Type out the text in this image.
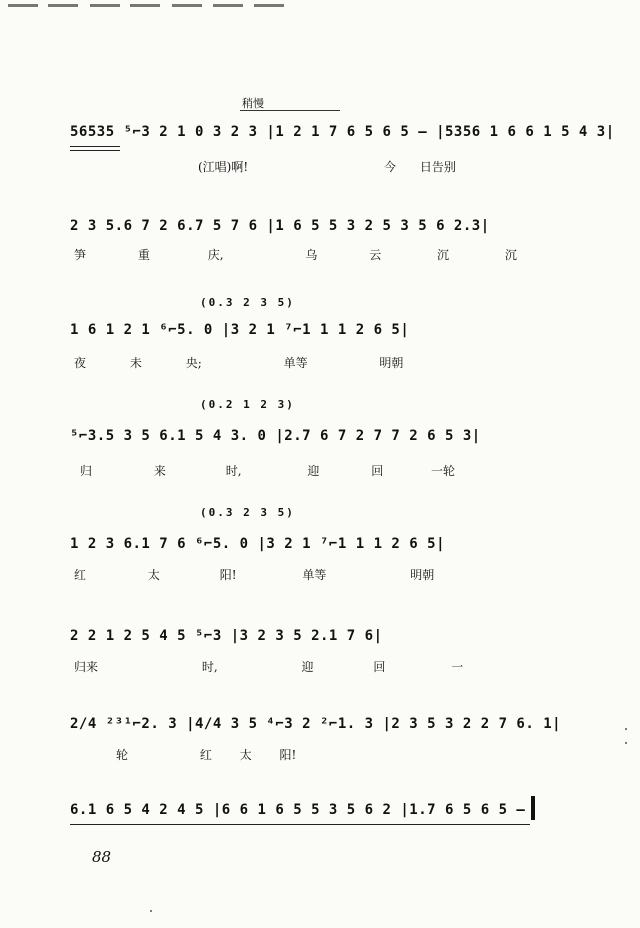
稍慢
56535 ⁵⌐3 2 1 0 3 2 3 |1 2 1 7 6 5 6 5 — |5356 1 6 6 1 5 4 3|
(江唱)啊!	今 日告别
2 3 5.6 7 2 6.7 5 7 6 |1 6 5 5 3 2 5 3 5 6 2.3|
笋	重	庆,	乌	云	沉	沉
(0.3 2 3 5)
1 6 1 2 1 ⁶⌐5. 0 |3 2 1 ⁷⌐1 1 1 2 6 5|
夜	未	央;	单等	明朝
(0.2 1 2 3)
⁵⌐3.5 3 5 6.1 5 4 3. 0 |2.7 6 7 2 7 7 2 6 5 3|
归	来	时,	迎	回	一轮
(0.3 2 3 5)
1 2 3 6.1 7 6 ⁶⌐5. 0 |3 2 1 ⁷⌐1 1 1 2 6 5|
红	太	阳!	单等	明朝
2 2 1 2 5 4 5 ⁵⌐3 |3 2 3 5 2.1 7 6|
归来	时,	迎	回	一
2/4 ²³¹⌐2. 3 |4/4 3 5 ⁴⌐3 2 ²⌐1. 3 |2 3 5 3 2 2 7 6. 1|
轮	红 太 阳!
6.1 6 5 4 2 4 5 |6 6 1 6 5 5 3 5 6 2 |1.7 6 5 6 5 —
88
